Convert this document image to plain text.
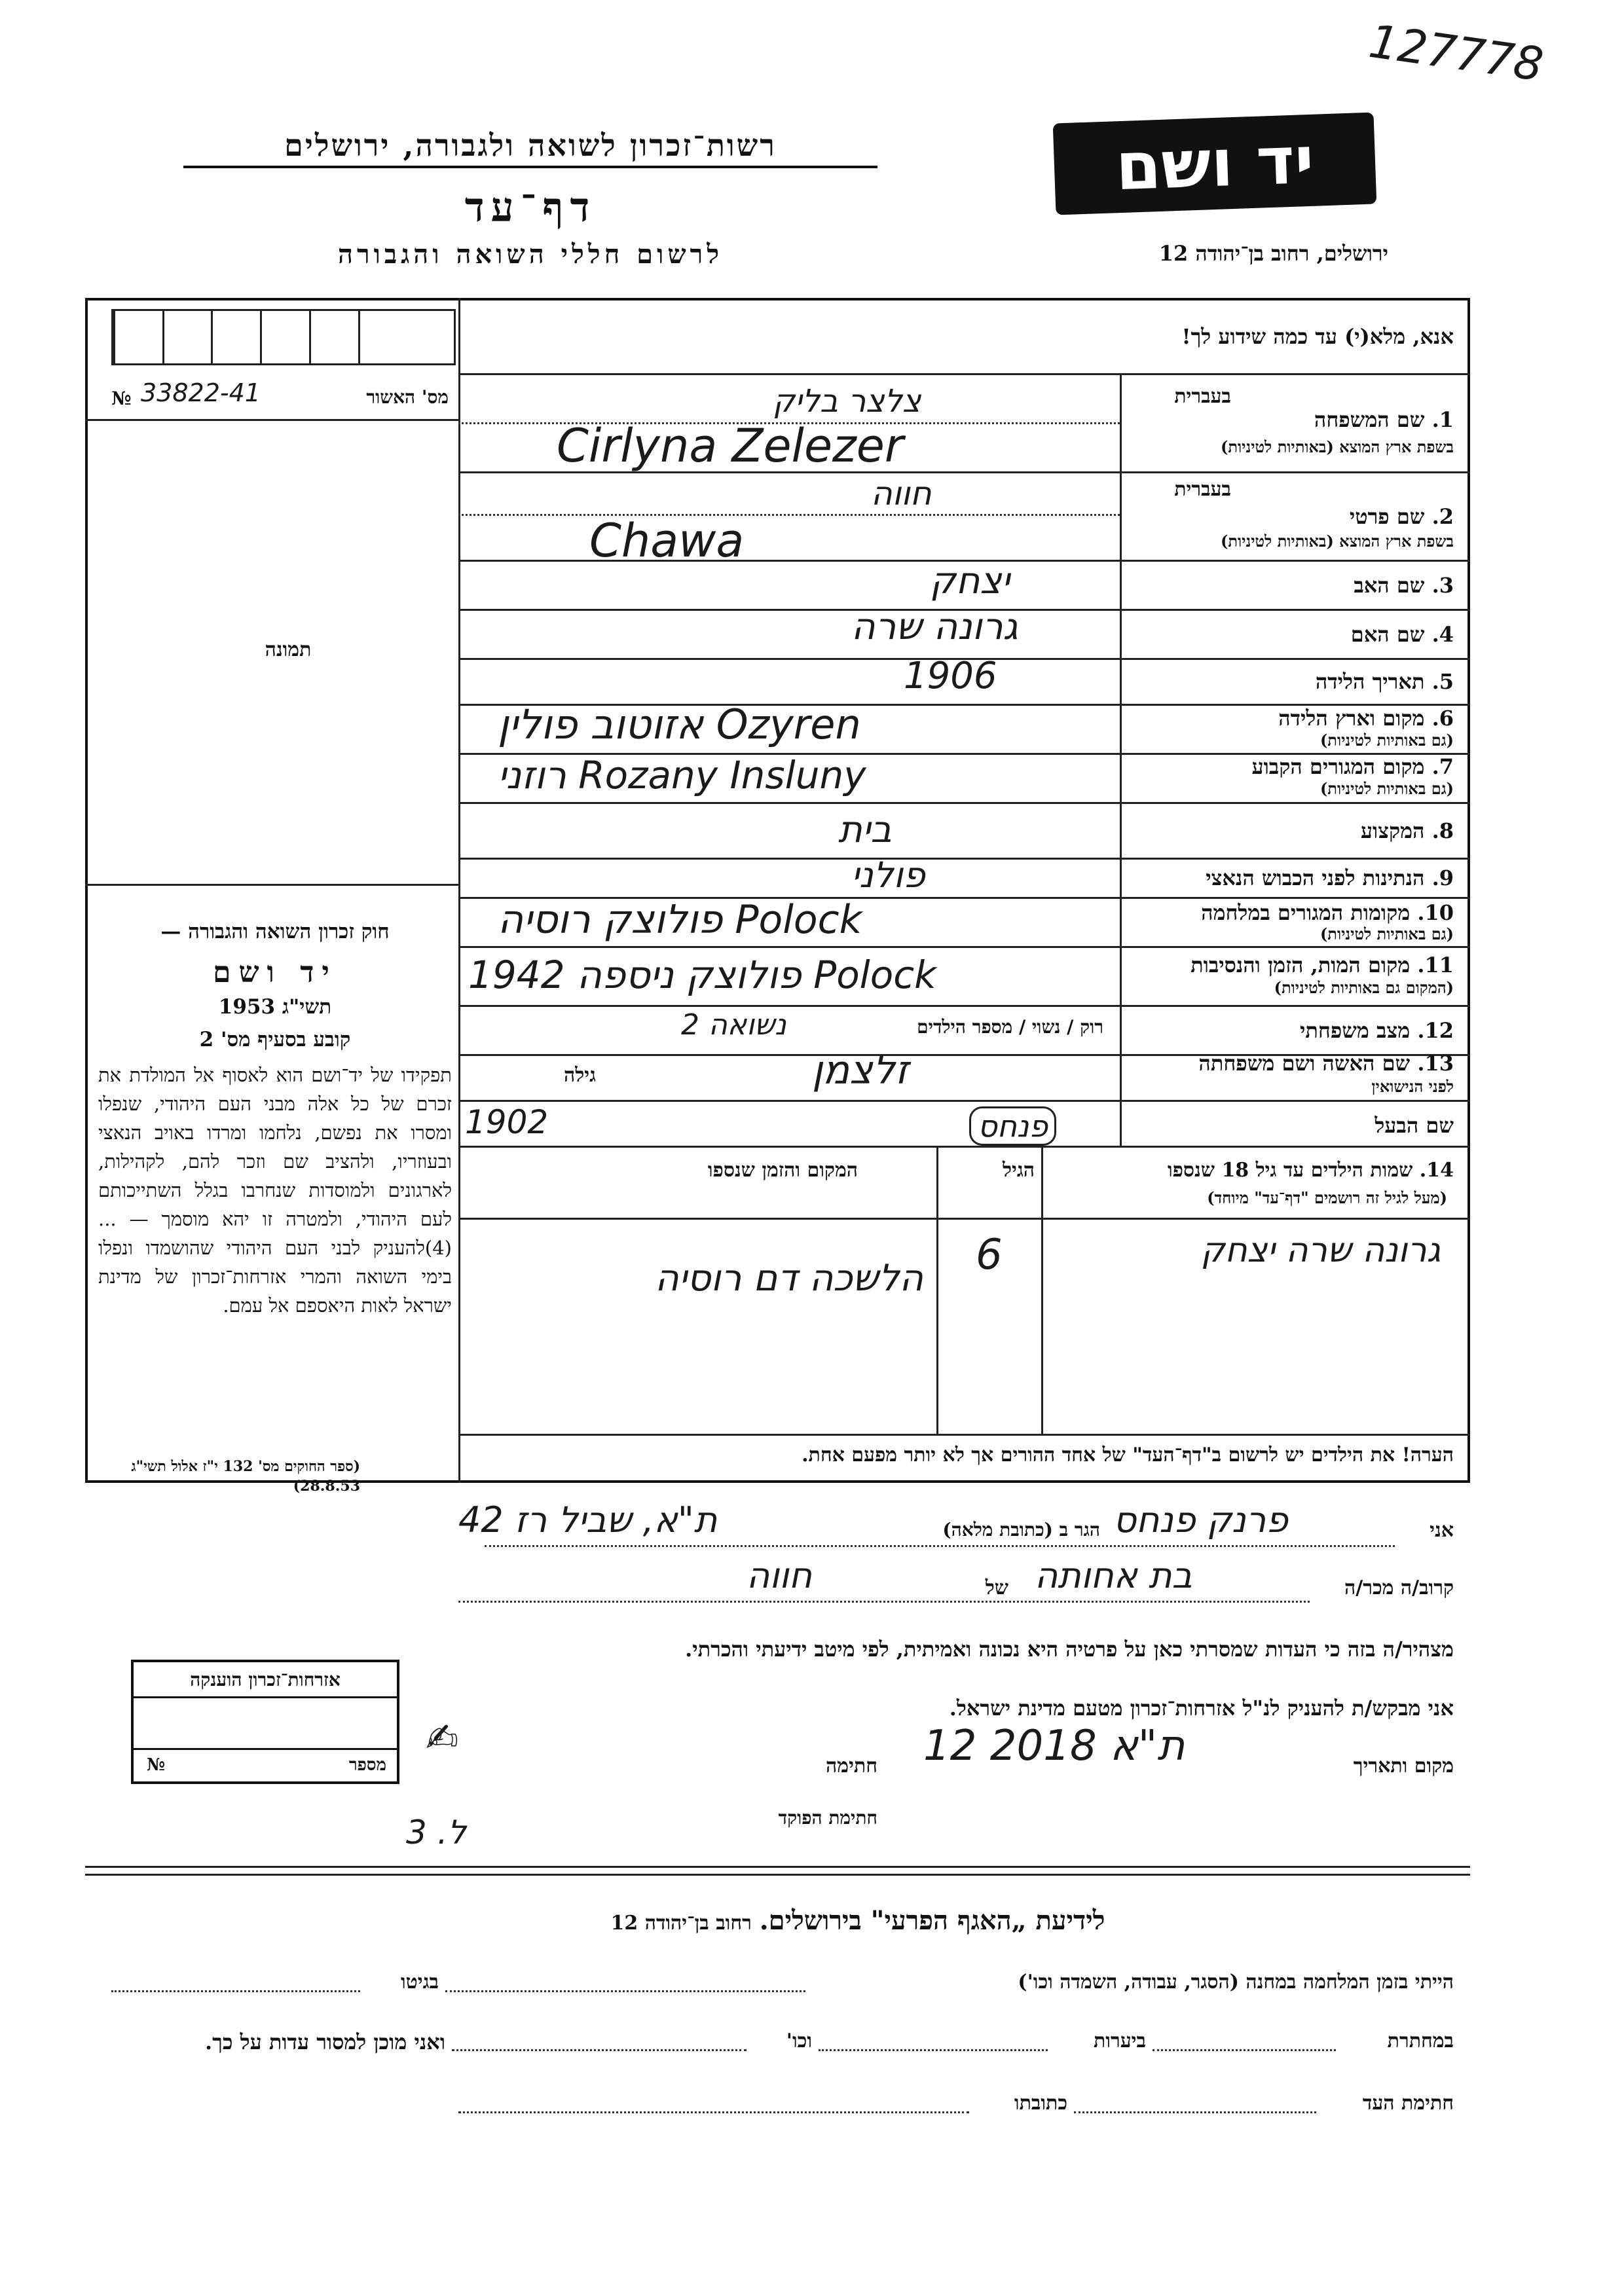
127778
יד ושם
רשות־זכרון לשואה ולגבורה, ירושלים
דף־עד
לרשום חללי השואה והגבורה	ירושלים, רחוב בן־יהודה 12
אנא, מלא(י) עד כמה שידוע לך!
מס' האשור
33822-41
№
תמונה
בעברית
1. שם המשפחה
בשפת ארץ המוצא (באותיות לטיניות)
צלצר בליק
Cirlyna Zelezer
בעברית
2. שם פרטי
בשפת ארץ המוצא (באותיות לטיניות)
חווה
Chawa
3. שם האב
יצחק
4. שם האם
גרונה שרה
5. תאריך הלידה
1906
6. מקום וארץ הלידה
(גם באותיות לטיניות)
אזוטוב פולין Ozyren
7. מקום המגורים הקבוע
(גם באותיות לטיניות)
רוזני Rozany Insluny
8. המקצוע
בית
9. הנתינות לפני הכבוש הנאצי
פולני
10. מקומות המגורים במלחמה
(גם באותיות לטיניות)
פולוצק רוסיה Polock
11. מקום המות, הזמן והנסיבות
(המקום גם באותיות לטיניות)
פולוצק ניספה 1942 Polock
12. מצב משפחתי
רוק / נשוי / מספר הילדים
נשואה 2
13. שם האשה ושם משפחתה
לפני הנישואין
גילה	זלצמן
שם הבעל
1902	פנחס
14. שמות הילדים עד גיל 18 שנספו
(מעל לגיל זה רושמים "דף־עד" מיוחד)
הגיל
המקום והזמן שנספו
גרונה שרה יצחק
6
הלשכה דם רוסיה
חוק זכרון השואה והגבורה —
יד ושם
תשי"ג 1953
קובע בסעיף מס' 2
תפקידו של יד־ושם הוא לאסוף אל המולדת את זכרם של כל אלה מבני העם היהודי, שנפלו ומסרו את נפשם, נלחמו ומרדו באויב הנאצי ובעוזריו, ולהציב שם וזכר להם, לקהילות, לארגונים ולמוסדות שנחרבו בגלל השתייכותם לעם היהודי, ולמטרה זו יהא מוסמך — ...(4)להעניק לבני העם היהודי שהושמדו ונפלו בימי השואה והמרי אזרחות־זכרון של מדינת ישראל לאות היאספם אל עמם.
(ספר החוקים מס' 132 י"ז אלול תשי"ג 28.8.53)
הערה! את הילדים יש לרשום ב"דף־העד" של אחד ההורים אך לא יותר מפעם אחת.
אני
פרנק פנחס
הגר ב (כתובת מלאה)
ת"א, שביל רז 42
קרוב/ה מכר/ה
בת אחותה
של
חווה
מצהיר/ה בזה כי העדות שמסרתי כאן על פרטיה היא נכונה ואמיתית, לפי מיטב ידיעתי והכרתי.
אני מבקש/ת להעניק לנ"ל אזרחות־זכרון מטעם מדינת ישראל.
מקום ותאריך
ת"א 2018 12
חתימה
✍
חתימת הפוקד
אזרחות־זכרון הוענקה
מספר
№
ל. 3
לידיעת „האגף הפרעי" בירושלים. רחוב בן־יהודה 12
הייתי בזמן המלחמה במחנה (הסגר, עבודה, השמדה וכו')
בגיטו
במחתרת
ביערות
וכו'
ואני מוכן למסור עדות על כך.
חתימת העד
כתובתו
